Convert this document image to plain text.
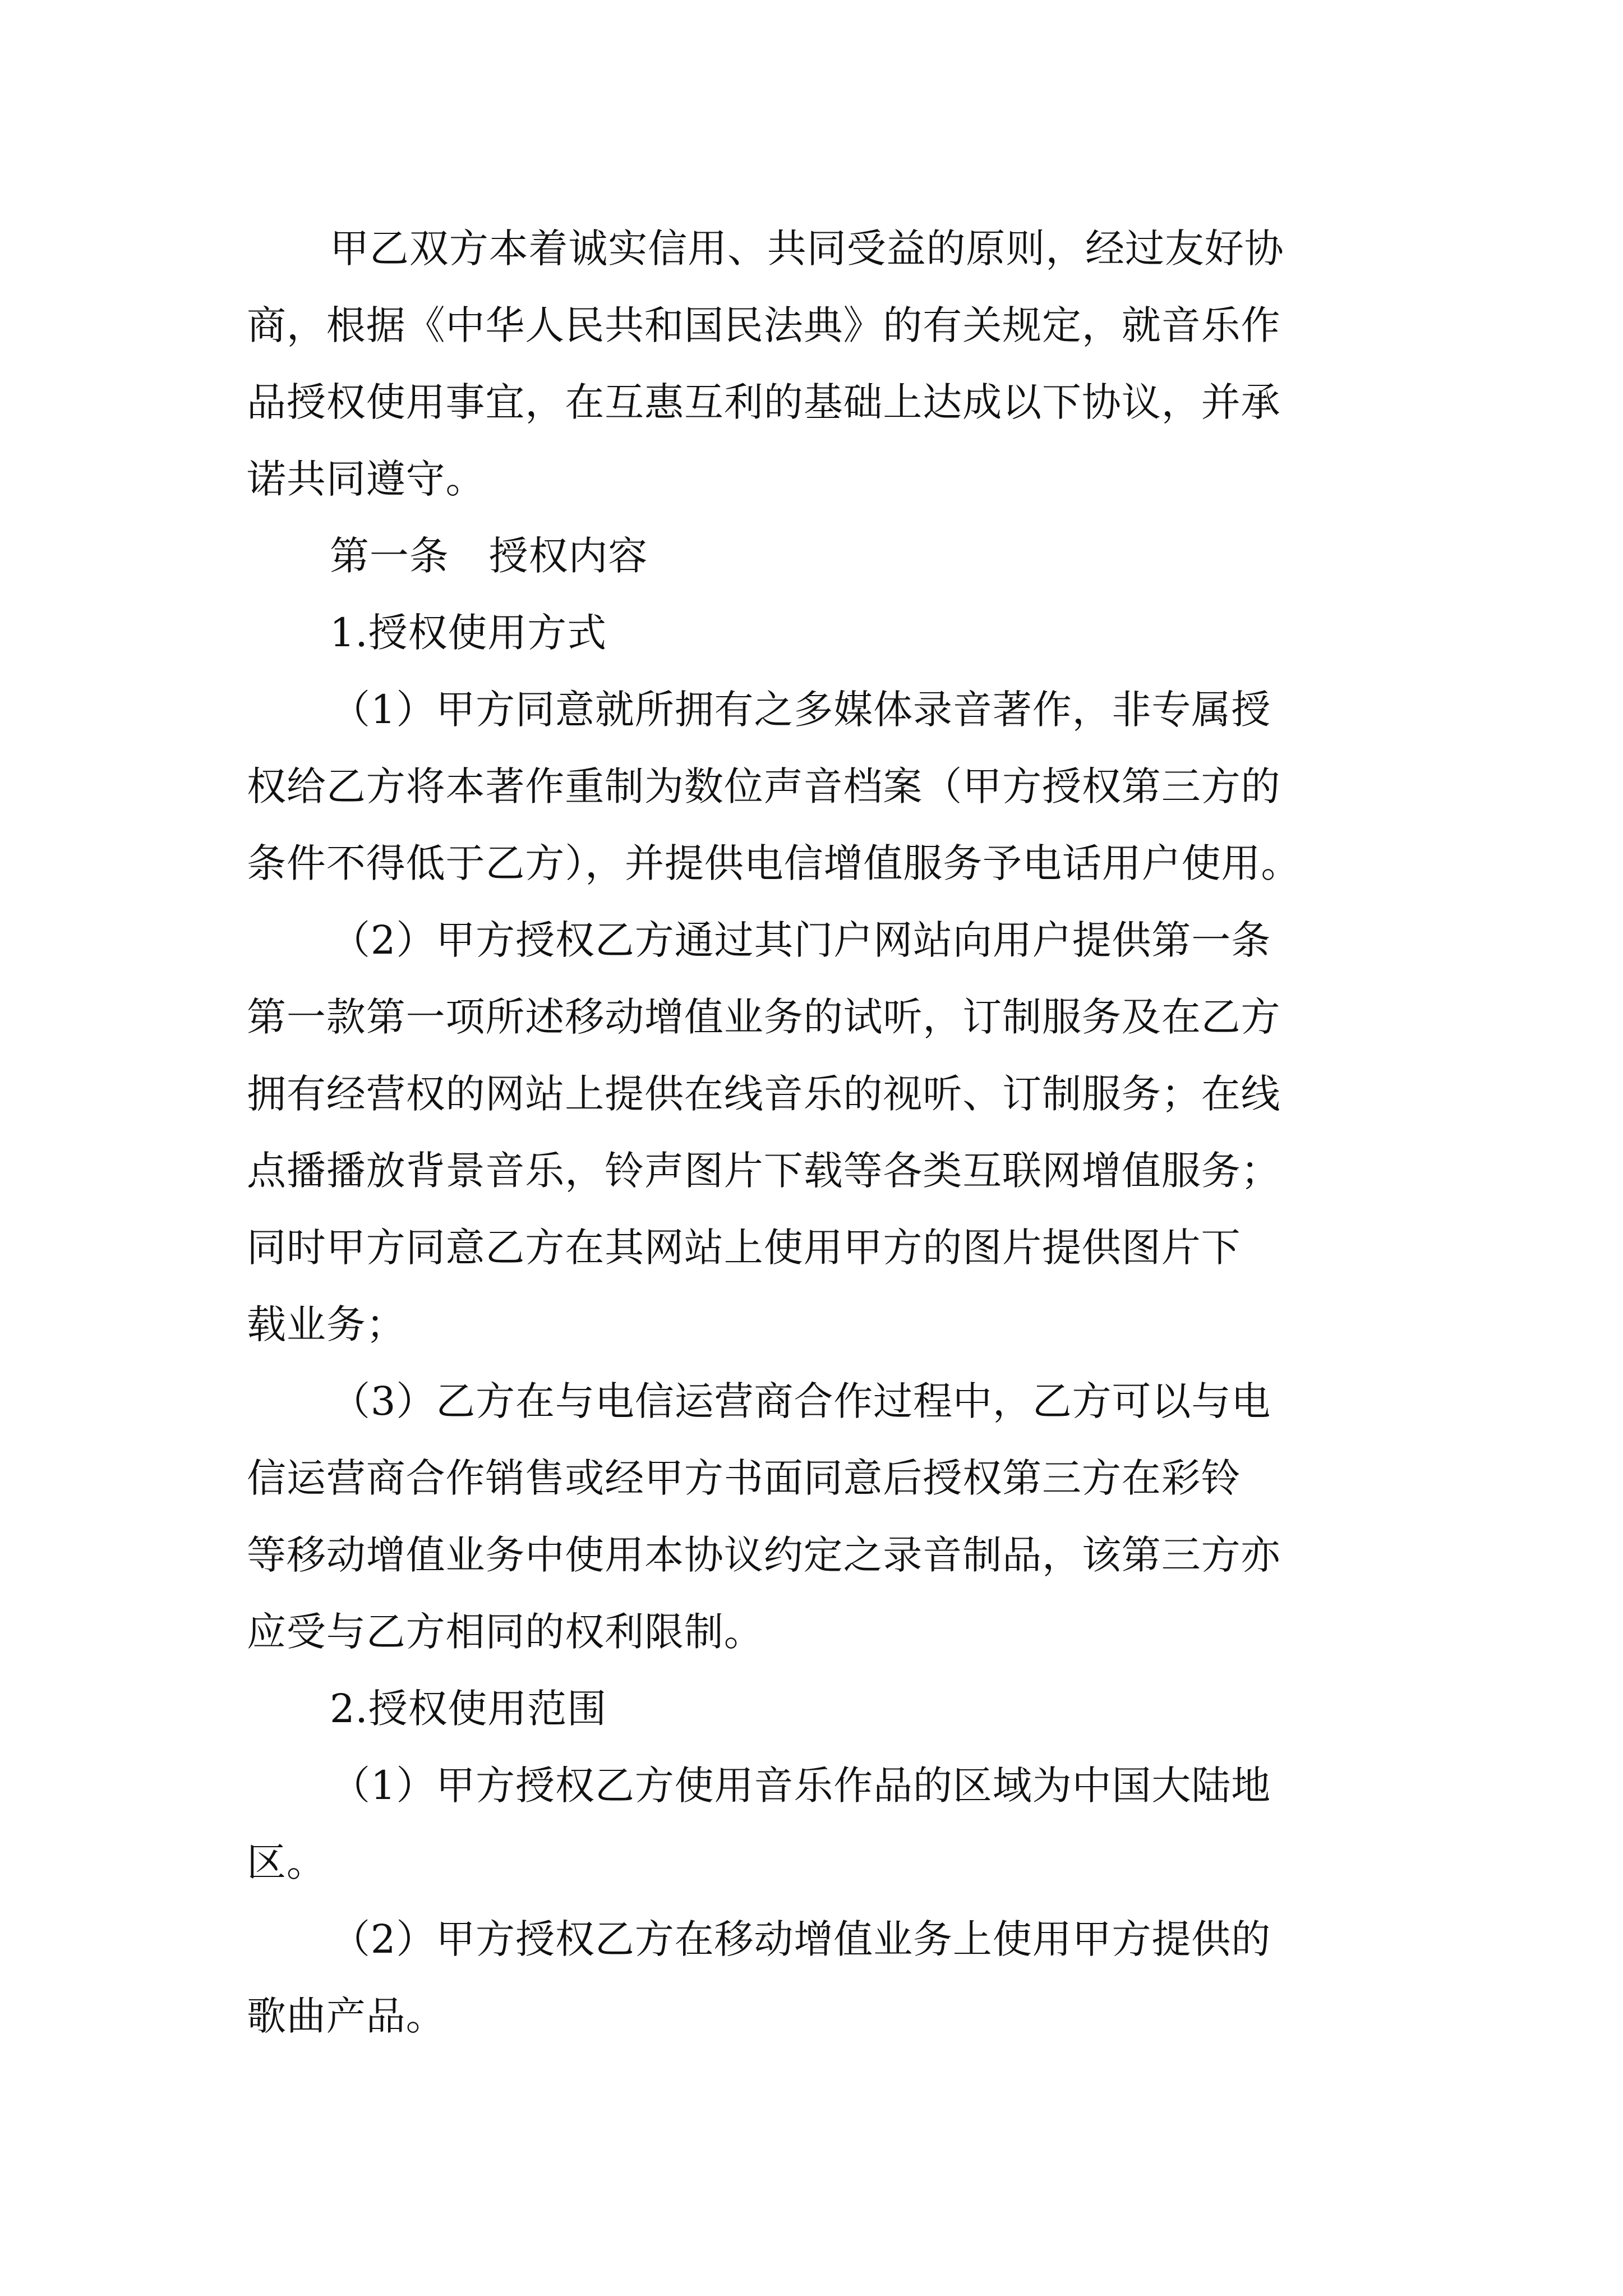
甲乙双方本着诚实信用、共同受益的原则，经过友好协
商，根据《中华人民共和国民法典》的有关规定，就音乐作
品授权使用事宜，在互惠互利的基础上达成以下协议，并承
诺共同遵守。
第一条　授权内容
1.授权使用方式
（1）甲方同意就所拥有之多媒体录音著作，非专属授
权给乙方将本著作重制为数位声音档案（甲方授权第三方的
条件不得低于乙方），并提供电信增值服务予电话用户使用。
（2）甲方授权乙方通过其门户网站向用户提供第一条
第一款第一项所述移动增值业务的试听，订制服务及在乙方
拥有经营权的网站上提供在线音乐的视听、订制服务；在线
点播播放背景音乐，铃声图片下载等各类互联网增值服务；
同时甲方同意乙方在其网站上使用甲方的图片提供图片下
载业务；
（3）乙方在与电信运营商合作过程中，乙方可以与电
信运营商合作销售或经甲方书面同意后授权第三方在彩铃
等移动增值业务中使用本协议约定之录音制品，该第三方亦
应受与乙方相同的权利限制。
2.授权使用范围
（1）甲方授权乙方使用音乐作品的区域为中国大陆地
区。
（2）甲方授权乙方在移动增值业务上使用甲方提供的
歌曲产品。
